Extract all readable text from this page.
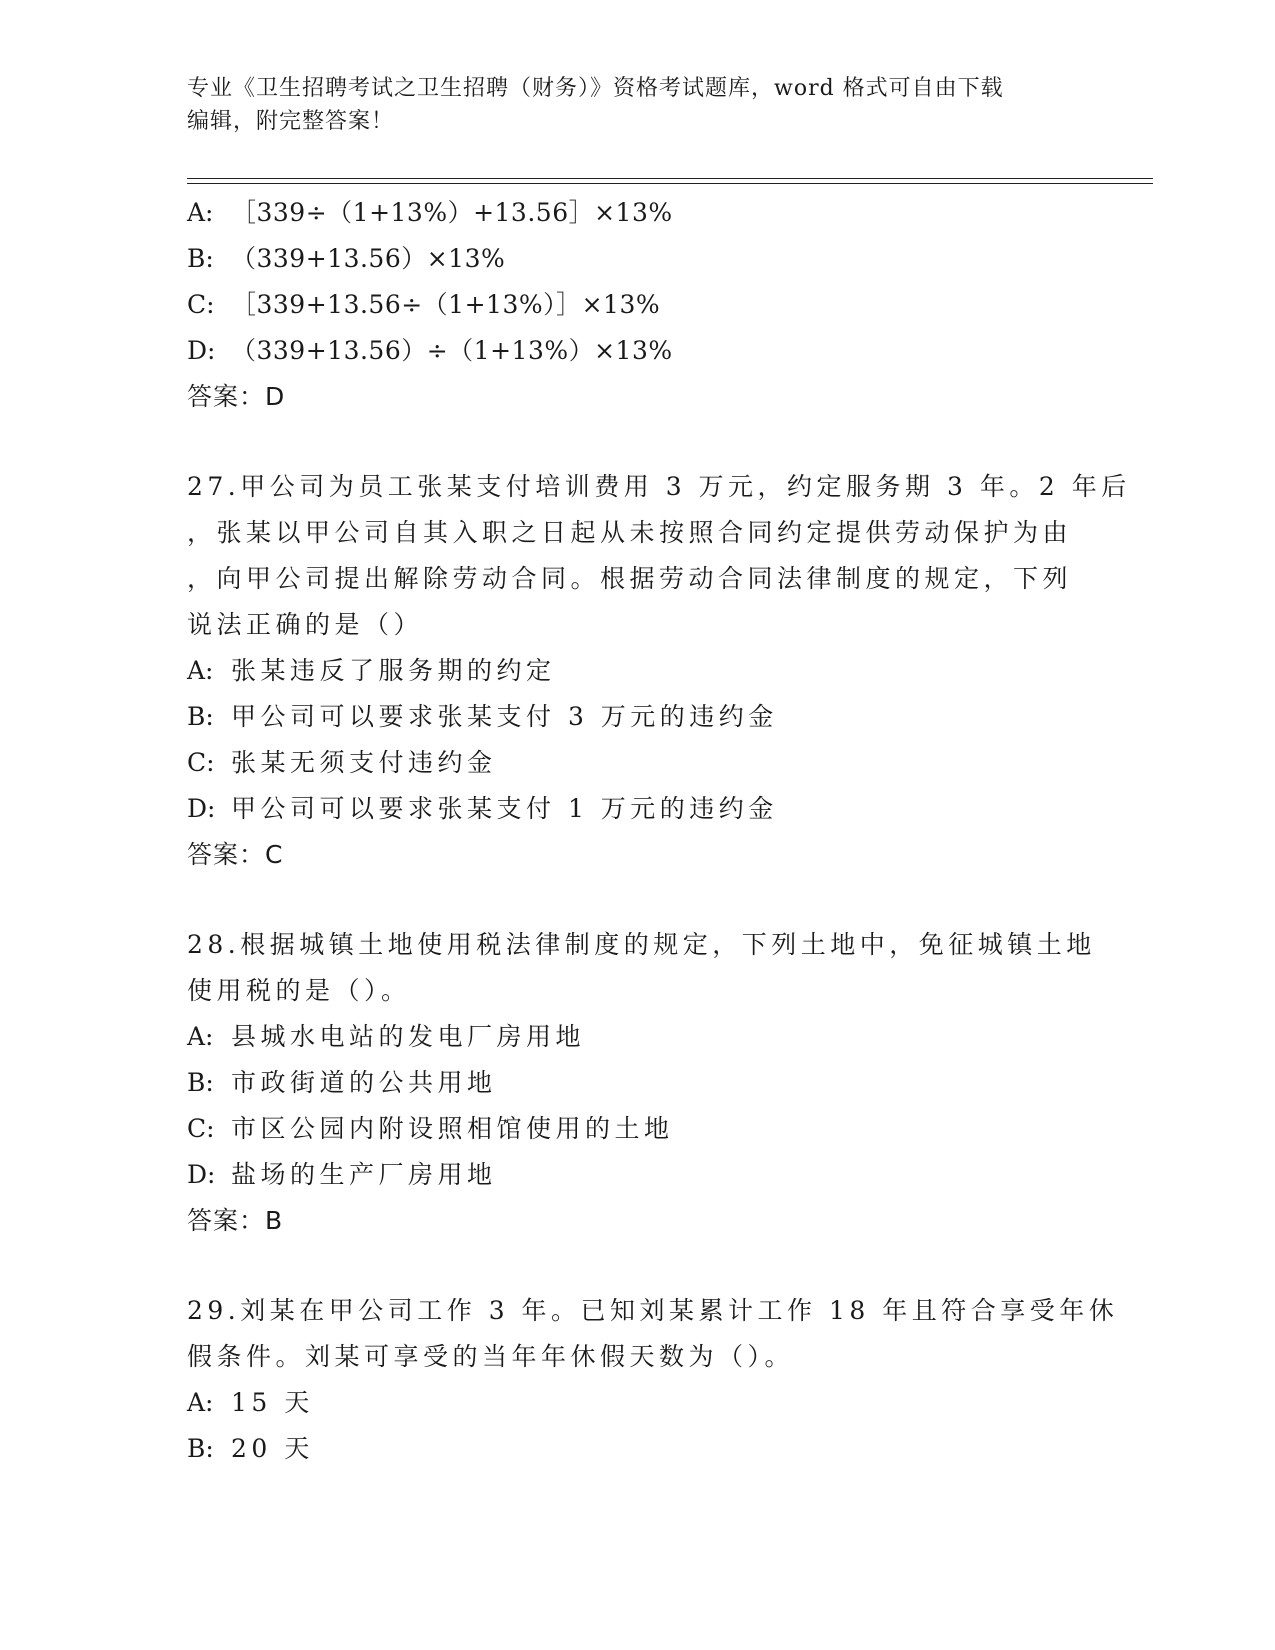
专业《卫生招聘考试之卫生招聘（财务）》资格考试题库，word 格式可自由下载
编辑，附完整答案！
A: ［339÷（1+13%）+13.56］×13%
B: （339+13.56）×13%
C: ［339+13.56÷（1+13%）］×13%
D: （339+13.56）÷（1+13%）×13%
答案：D
27.甲公司为员工张某支付培训费用 3 万元，约定服务期 3 年。2 年后
，张某以甲公司自其入职之日起从未按照合同约定提供劳动保护为由
，向甲公司提出解除劳动合同。根据劳动合同法律制度的规定，下列
说法正确的是（）
A: 张某违反了服务期的约定
B: 甲公司可以要求张某支付 3 万元的违约金
C: 张某无须支付违约金
D: 甲公司可以要求张某支付 1 万元的违约金
答案：C
28.根据城镇土地使用税法律制度的规定，下列土地中，免征城镇土地
使用税的是（）。
A: 县城水电站的发电厂房用地
B: 市政街道的公共用地
C: 市区公园内附设照相馆使用的土地
D: 盐场的生产厂房用地
答案：B
29.刘某在甲公司工作 3 年。已知刘某累计工作 18 年且符合享受年休
假条件。刘某可享受的当年年休假天数为（）。
A: 15 天
B: 20 天
